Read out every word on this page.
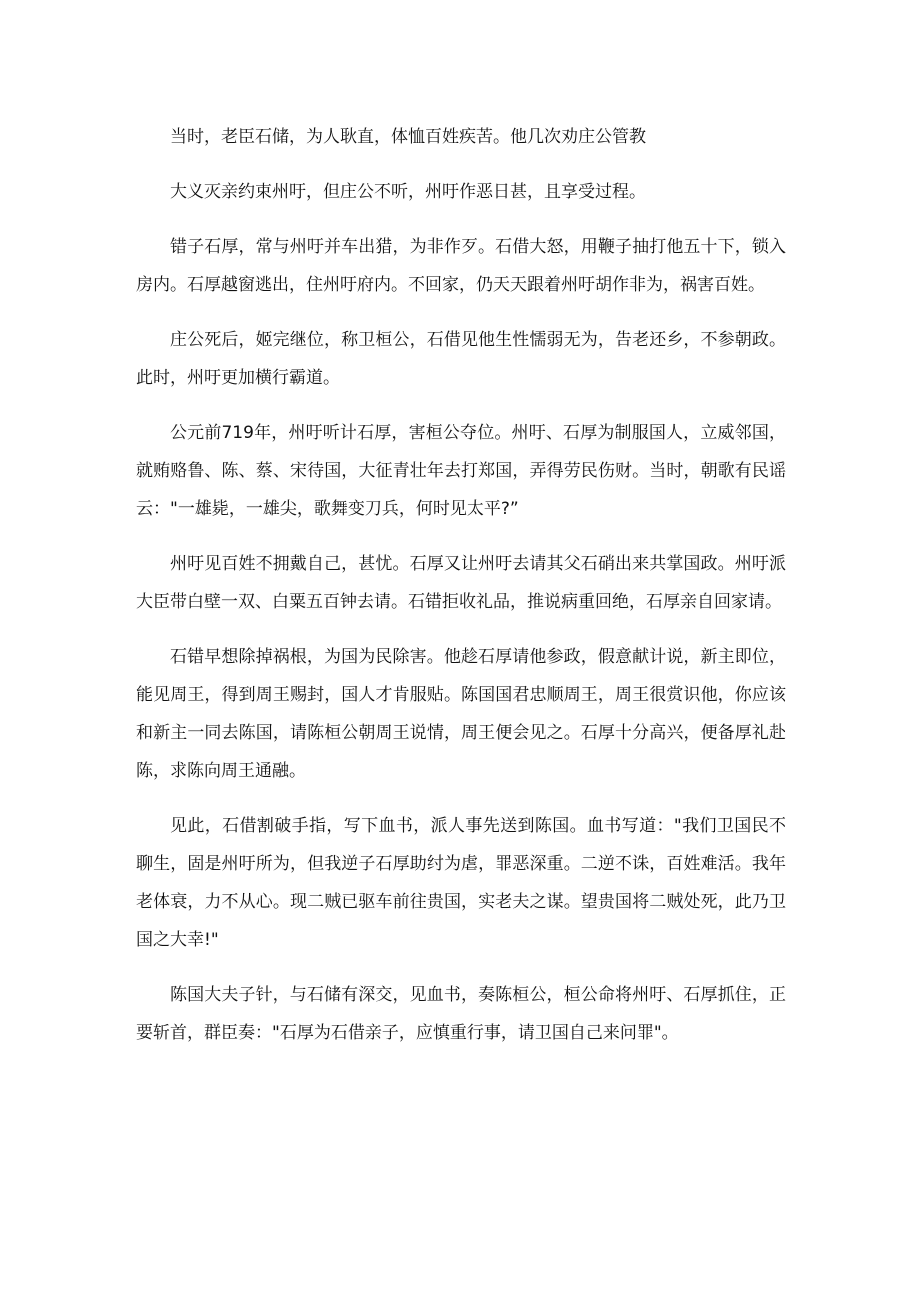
当时，老臣石储，为人耿直，体恤百姓疾苦。他几次劝庄公管教

大义灭亲约束州吁，但庄公不听，州吁作恶日甚，且享受过程。

错子石厚，常与州吁并车出猎，为非作歹。石借大怒，用鞭子抽打他五十下，锁入房内。石厚越窗逃出，住州吁府内。不回家，仍天天跟着州吁胡作非为，祸害百姓。

庄公死后，姬完继位，称卫桓公，石借见他生性懦弱无为，告老还乡，不参朝政。此时，州吁更加横行霸道。

公元前719年，州吁听计石厚，害桓公夺位。州吁、石厚为制服国人，立威邻国，就贿赂鲁、陈、蔡、宋待国，大征青壮年去打郑国，弄得劳民伤财。当时，朝歌有民谣云："一雄毙，一雄尖，歌舞变刀兵，何时见太平?”

州吁见百姓不拥戴自己，甚忧。石厚又让州吁去请其父石硝出来共掌国政。州吁派大臣带白壁一双、白粟五百钟去请。石错拒收礼品，推说病重回绝，石厚亲自回家请。

石错早想除掉祸根，为国为民除害。他趁石厚请他参政，假意献计说，新主即位，能见周王，得到周王赐封，国人才肯服贴。陈国国君忠顺周王，周王很赏识他，你应该和新主一同去陈国，请陈桓公朝周王说情，周王便会见之。石厚十分高兴，便备厚礼赴陈，求陈向周王通融。

见此，石借割破手指，写下血书，派人事先送到陈国。血书写道："我们卫国民不聊生，固是州吁所为，但我逆子石厚助纣为虐，罪恶深重。二逆不诛，百姓难活。我年老体衰，力不从心。现二贼已驱车前往贵国，实老夫之谋。望贵国将二贼处死，此乃卫国之大幸!"

陈国大夫子针，与石储有深交，见血书，奏陈桓公，桓公命将州吁、石厚抓住，正要斩首，群臣奏："石厚为石借亲子，应慎重行事，请卫国自己来问罪"。
